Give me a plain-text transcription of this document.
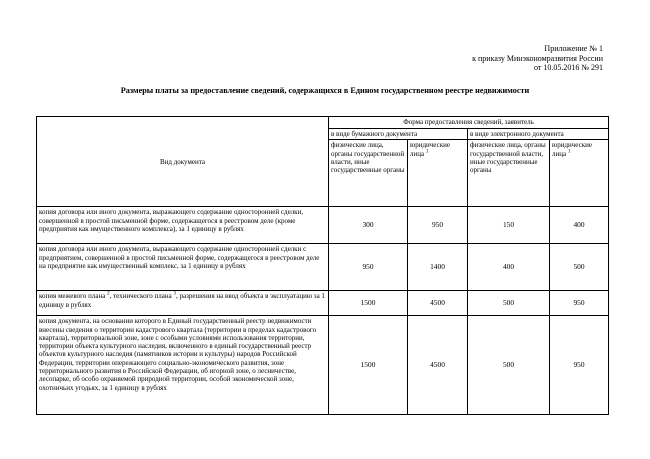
Приложение № 1
к приказу Минэкономразвития России
от 10.05.2016 № 291
Размеры платы за предоставление сведений, содержащихся в Едином государственном реестре недвижимости
Вид документа	Форма предоставления сведений, заявитель			
	в виде бумажного документа		в виде электронного документа	
	физические лица, органы государственной власти, иные государственные органы	юридические лица $^1$	физические лица, органы государственной власти, иные государственные органы	юридические лица $^1$
копия договора или иного документа, выражающего содержание односторонней сделки, совершенной в простой письменной форме, содержащегося в реестровом деле (кроме предприятия как имущественного комплекса), за 1 единицу в рублях	300	950	150	400
копия договора или иного документа, выражающего содержание односторонней сделки с предприятием, совершенной в простой письменной форме, содержащегося в реестровом деле на предприятие как имущественный комплекс, за 1 единицу в рублях	950	1400	400	500
копия межевого плана $^2$, технического плана $^3$, разрешения на ввод объекта в эксплуатацию за 1 единицу в рублях	1500	4500	500	950
копия документа, на основании которого в Единый государственный реестр недвижимости внесены сведения о территории кадастрового квартала (территории в пределах кадастрового квартала), территориальной зоне, зоне с особыми условиями использования территории, территории объекта культурного наследия, включенного в единый государственный реестр объектов культурного наследия (памятников истории и культуры) народов Российской Федерации, территории опережающего социально-экономического развития, зоне территориального развития в Российской Федерации, об игорной зоне, о лесничестве, лесопарке, об особо охраняемой природной территории, особой экономической зоне, охотничьих угодьях, за 1 единицу в рублях	1500	4500	500	950
